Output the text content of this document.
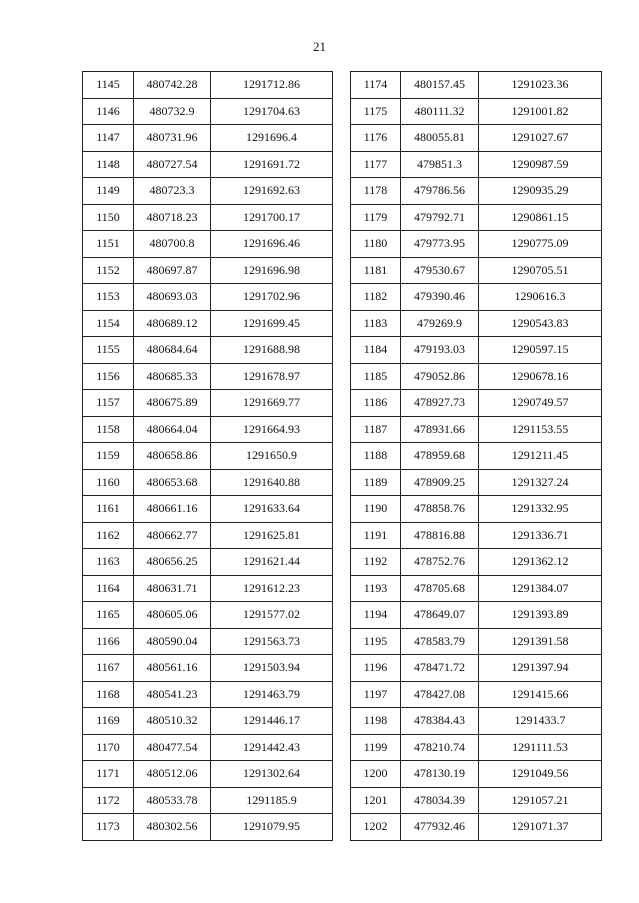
21
1145	480742.28	1291712.86
1146	480732.9	1291704.63
1147	480731.96	1291696.4
1148	480727.54	1291691.72
1149	480723.3	1291692.63
1150	480718.23	1291700.17
1151	480700.8	1291696.46
1152	480697.87	1291696.98
1153	480693.03	1291702.96
1154	480689.12	1291699.45
1155	480684.64	1291688.98
1156	480685.33	1291678.97
1157	480675.89	1291669.77
1158	480664.04	1291664.93
1159	480658.86	1291650.9
1160	480653.68	1291640.88
1161	480661.16	1291633.64
1162	480662.77	1291625.81
1163	480656.25	1291621.44
1164	480631.71	1291612.23
1165	480605.06	1291577.02
1166	480590.04	1291563.73
1167	480561.16	1291503.94
1168	480541.23	1291463.79
1169	480510.32	1291446.17
1170	480477.54	1291442.43
1171	480512.06	1291302.64
1172	480533.78	1291185.9
1173	480302.56	1291079.95
1174	480157.45	1291023.36
1175	480111.32	1291001.82
1176	480055.81	1291027.67
1177	479851.3	1290987.59
1178	479786.56	1290935.29
1179	479792.71	1290861.15
1180	479773.95	1290775.09
1181	479530.67	1290705.51
1182	479390.46	1290616.3
1183	479269.9	1290543.83
1184	479193.03	1290597.15
1185	479052.86	1290678.16
1186	478927.73	1290749.57
1187	478931.66	1291153.55
1188	478959.68	1291211.45
1189	478909.25	1291327.24
1190	478858.76	1291332.95
1191	478816.88	1291336.71
1192	478752.76	1291362.12
1193	478705.68	1291384.07
1194	478649.07	1291393.89
1195	478583.79	1291391.58
1196	478471.72	1291397.94
1197	478427.08	1291415.66
1198	478384.43	1291433.7
1199	478210.74	1291111.53
1200	478130.19	1291049.56
1201	478034.39	1291057.21
1202	477932.46	1291071.37
